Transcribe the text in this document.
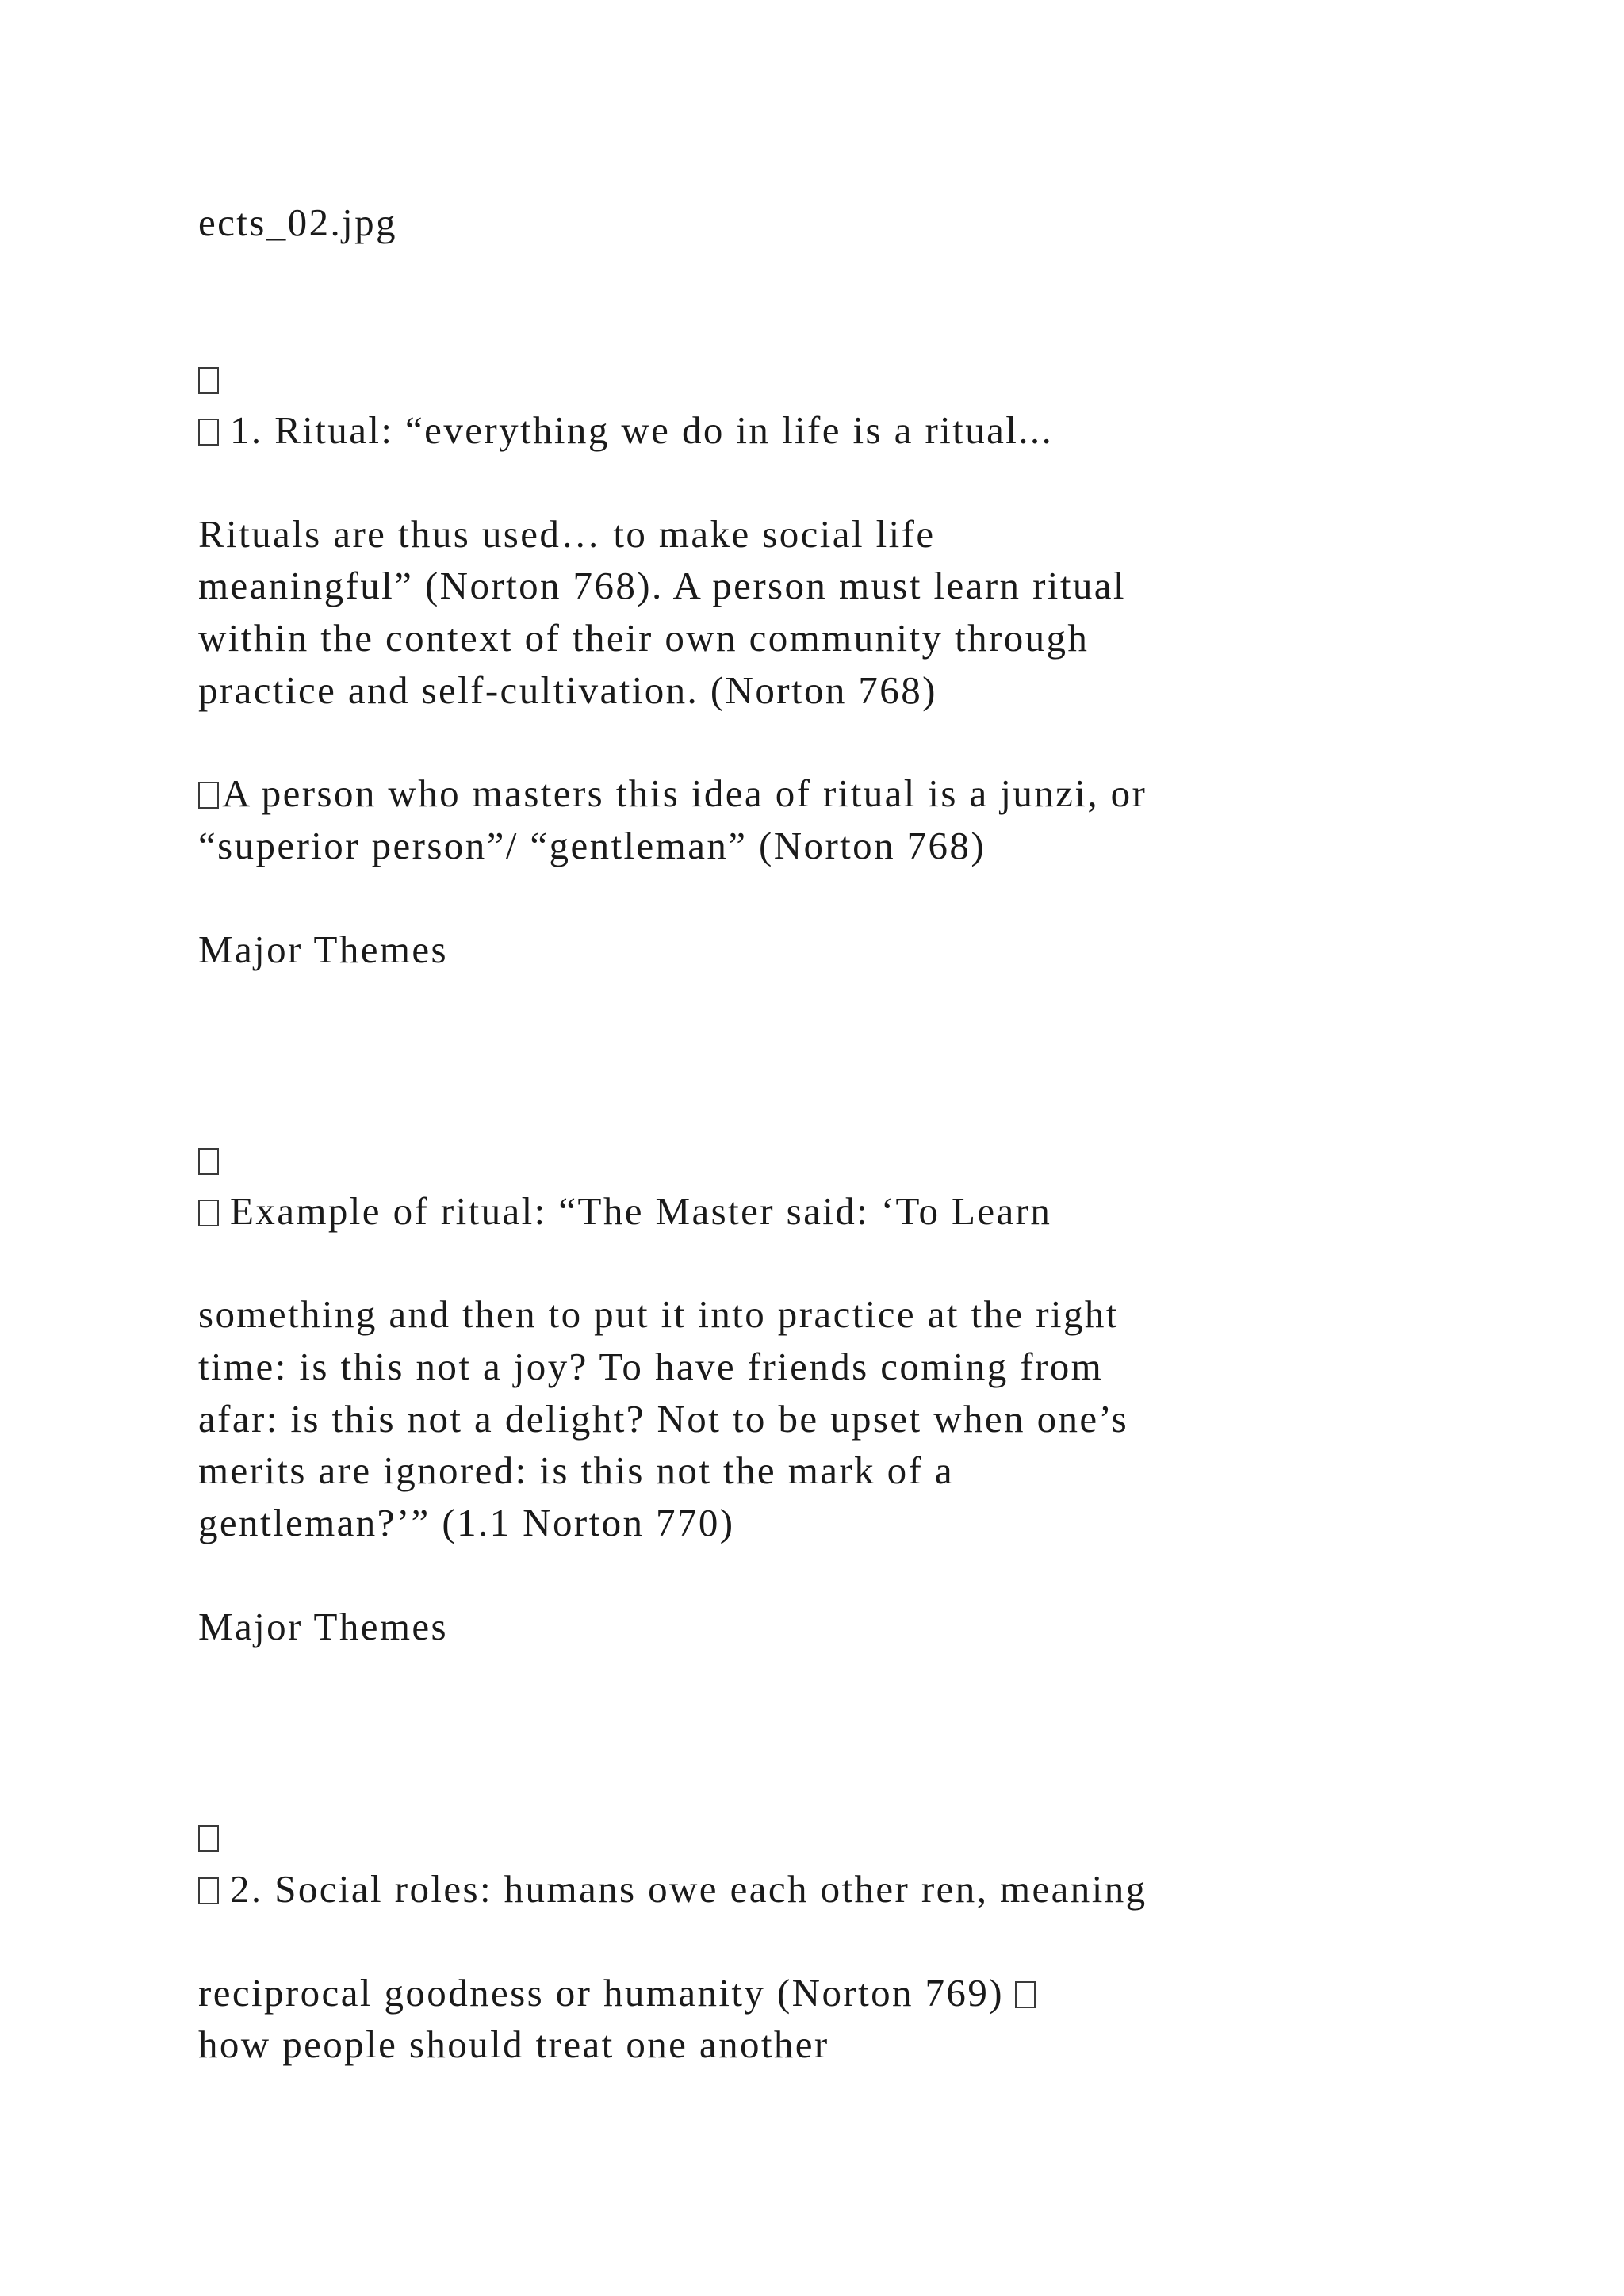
ects_02.jpg
1. Ritual: “everything we do in life is a ritual...
Rituals are thus used… to make social life
meaningful” (Norton 768). A person must learn ritual
within the context of their own community through
practice and self-cultivation. (Norton 768)
A person who masters this idea of ritual is a junzi, or
“superior person”/ “gentleman” (Norton 768)
Major Themes
Example of ritual: “The Master said: ‘To Learn
something and then to put it into practice at the right
time: is this not a joy? To have friends coming from
afar: is this not a delight? Not to be upset when one’s
merits are ignored: is this not the mark of a
gentleman?’” (1.1 Norton 770)
Major Themes
2. Social roles: humans owe each other ren, meaning
reciprocal goodness or humanity (Norton 769)
how people should treat one another
